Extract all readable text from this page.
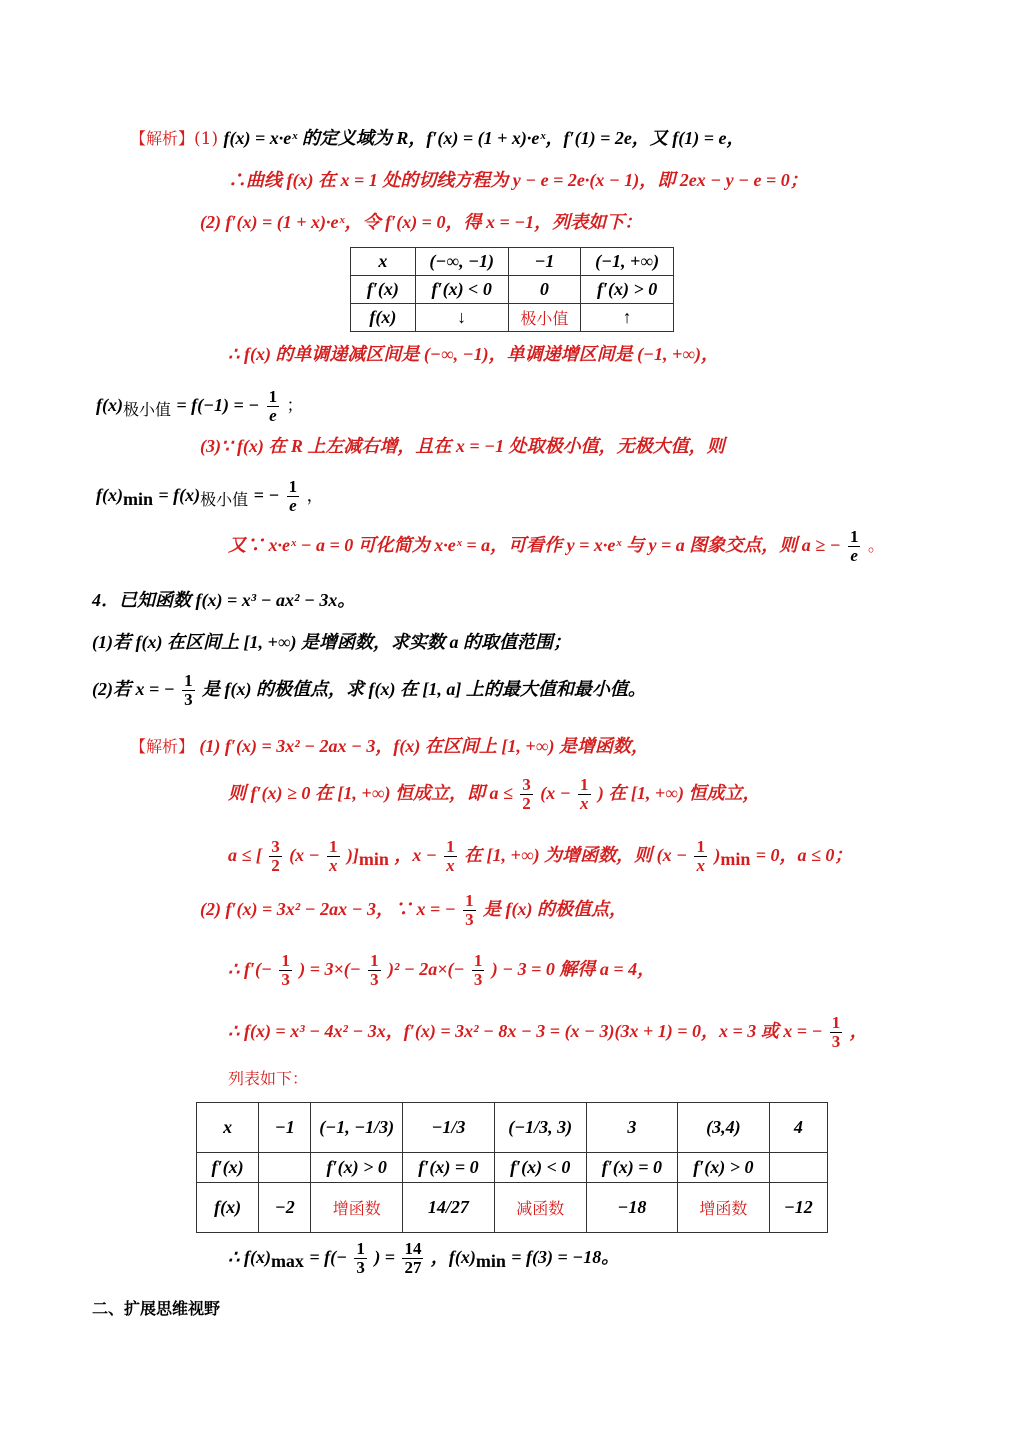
【解析】(1) f(x) = x·eˣ 的定义域为 R，f′(x) = (1 + x)·eˣ，f′(1) = 2e，又 f(1) = e，
∴曲线 f(x) 在 x = 1 处的切线方程为 y − e = 2e·(x − 1)，即 2ex − y − e = 0；
(2) f′(x) = (1 + x)·eˣ，令 f′(x) = 0，得 x = −1，列表如下：
x	(−∞, −1)	−1	(−1, +∞)
f′(x)	f′(x) < 0	0	f′(x) > 0
f(x)	↓	极小值	↑
∴ f(x) 的单调递减区间是 (−∞, −1)，单调递增区间是 (−1, +∞)，
$f(x)_{极小值} = f(-1)$ = − $\frac{1}{e}$ ；
(3)∵ f(x) 在 R 上左减右增，且在 x = −1 处取极小值，无极大值，则
$f(x)_{min} = f(x)_{极小值}$ = − $\frac{1}{e}$ ，
又∵ x·eˣ − a = 0 可化简为 x·eˣ = a，可看作 y = x·eˣ 与 y = a 图象交点，则 a ≥ − $\frac{1}{e}$ 。
4．已知函数 f(x) = x³ − ax² − 3x。
(1)若 f(x) 在区间上 [1, +∞) 是增函数，求实数 a 的取值范围；
(2)若 x = − $\frac{1}{3}$ 是 f(x) 的极值点，求 f(x) 在 [1, a] 上的最大值和最小值。
【解析】 (1) f′(x) = 3x² − 2ax − 3，f(x) 在区间上 [1, +∞) 是增函数，
则 f′(x) ≥ 0 在 [1, +∞) 恒成立，即 $a \le \frac{3}{2} (x - \frac{1}{x}$ ) 在 [1, +∞) 恒成立，
a ≤ [ $\frac{3}{2} (x - \frac{1}{x} )]_{min}$ ，$x - \frac{1}{x}$ 在 [1, +∞) 为增函数，则 $(x - \frac{1}{x} )_{min} = 0$，a ≤ 0；
(2) f′(x) = 3x² − 2ax − 3，∵ x = − $\frac{1}{3}$ 是 f(x) 的极值点，
∴ $f'(- \frac{1}{3}$ ) = $3\times(- \frac{1}{3} )^2 - 2a\times(- \frac{1}{3}$ ) − 3 = 0 解得 a = 4，
∴ f(x) = x³ − 4x² − 3x，f′(x) = 3x² − 8x − 3 = (x − 3)(3x + 1) = 0，x = 3 或 x = − $\frac{1}{3}$ ，
列表如下：
x	−1	(−1, −1/3)	−1/3	(−1/3, 3)	3	(3,4)	4
f′(x)		f′(x) > 0	f′(x) = 0	f′(x) < 0	f′(x) = 0	f′(x) > 0	
f(x)	−2	增函数	14/27	减函数	−18	增函数	−12
∴ $f(x)_{max} = f(- \frac{1}{3}$ ) = $\frac{14}{27}$ ，$f(x)_{min} = f(3) = -18$。
二、扩展思维视野
